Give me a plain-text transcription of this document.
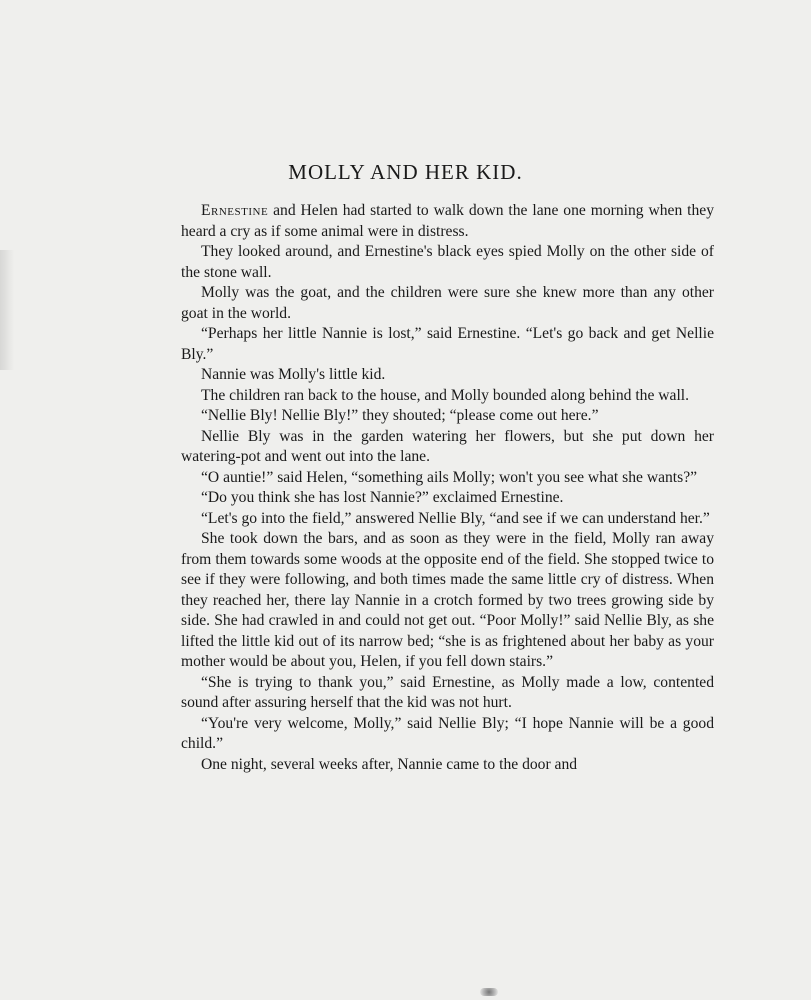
MOLLY AND HER KID.

Ernestine and Helen had started to walk down the lane one morning when they heard a cry as if some animal were in distress.

They looked around, and Ernestine's black eyes spied Molly on the other side of the stone wall.

Molly was the goat, and the children were sure she knew more than any other goat in the world.

“Perhaps her little Nannie is lost,” said Ernestine. “Let's go back and get Nellie Bly.”

Nannie was Molly's little kid.

The children ran back to the house, and Molly bounded along behind the wall.

“Nellie Bly! Nellie Bly!” they shouted; “please come out here.”

Nellie Bly was in the garden watering her flowers, but she put down her watering-pot and went out into the lane.

“O auntie!” said Helen, “something ails Molly; won't you see what she wants?”

“Do you think she has lost Nannie?” exclaimed Ernestine.

“Let's go into the field,” answered Nellie Bly, “and see if we can understand her.”

She took down the bars, and as soon as they were in the field, Molly ran away from them towards some woods at the opposite end of the field. She stopped twice to see if they were following, and both times made the same little cry of distress. When they reached her, there lay Nannie in a crotch formed by two trees growing side by side. She had crawled in and could not get out. “Poor Molly!” said Nellie Bly, as she lifted the little kid out of its narrow bed; “she is as frightened about her baby as your mother would be about you, Helen, if you fell down stairs.”

“She is trying to thank you,” said Ernestine, as Molly made a low, contented sound after assuring herself that the kid was not hurt.

“You're very welcome, Molly,” said Nellie Bly; “I hope Nannie will be a good child.”

One night, several weeks after, Nannie came to the door and
